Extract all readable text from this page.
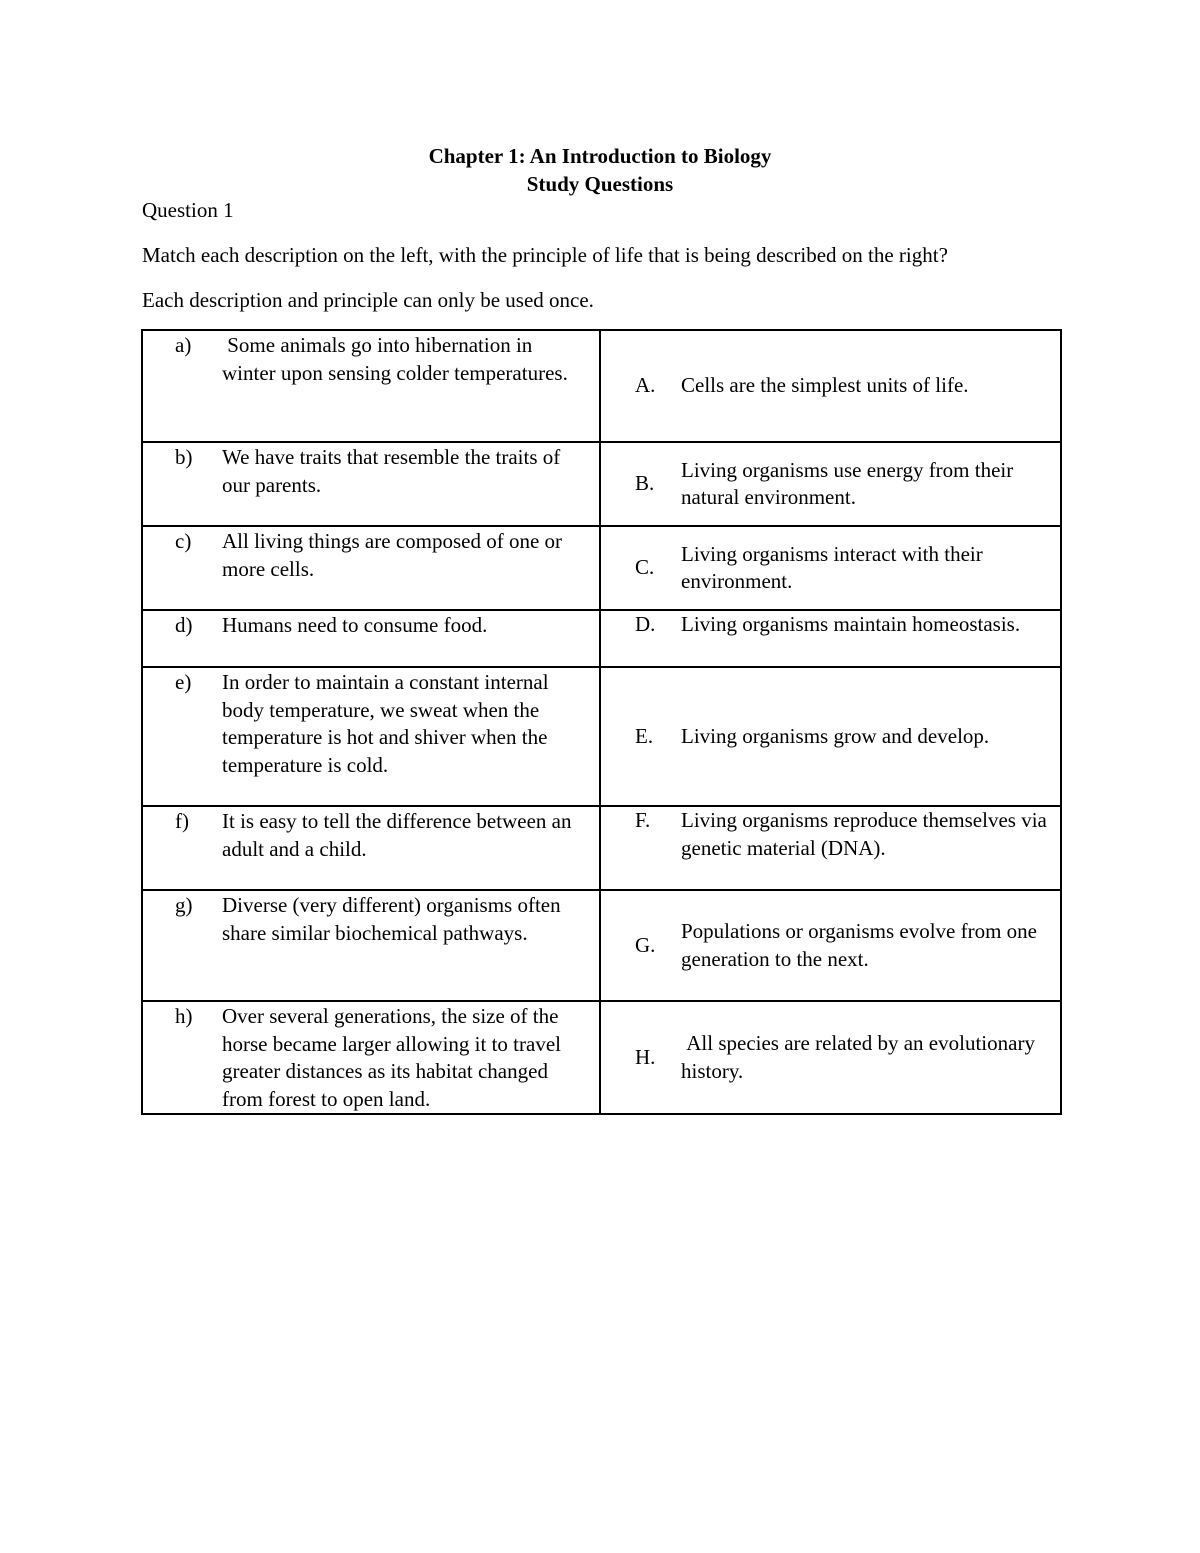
Chapter 1: An Introduction to Biology
Study Questions
Question 1
Match each description on the left, with the principle of life that is being described on the right?
Each description and principle can only be used once.
a) Some animals go into hibernation in winter upon sensing colder temperatures.	A. Cells are the simplest units of life.

b) We have traits that resemble the traits of our parents.	B.
Living organisms use energy from their natural environment.

c) All living things are composed of one or more cells.	C.
Living organisms interact with their environment.

d) Humans need to consume food.	D. Living organisms maintain homeostasis.

e) In order to maintain a constant internal body temperature, we sweat when the temperature is hot and shiver when the temperature is cold.	E. Living organisms grow and develop.

f) It is easy to tell the difference between an adult and a child.	F. Living organisms reproduce themselves via genetic material (DNA).

g) Diverse (very different) organisms often share similar biochemical pathways.	G.
Populations or organisms evolve from one generation to the next.

h) Over several generations, the size of the horse became larger allowing it to travel greater distances as its habitat changed from forest to open land.	H.
All species are related by an evolutionary history.
